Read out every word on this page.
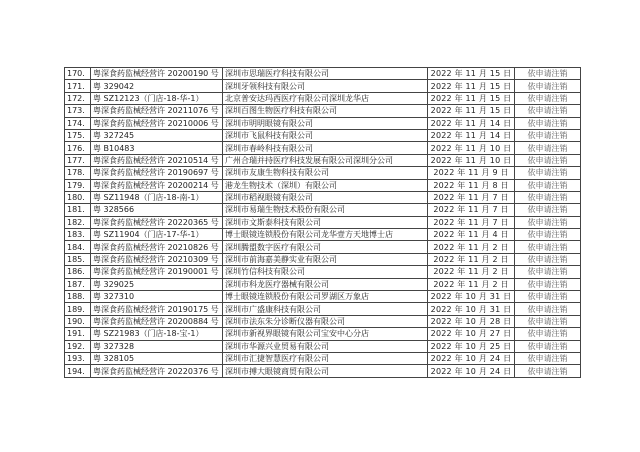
170.	粤深食药监械经营许 20200190 号	深圳市思瑞医疗科技有限公司	2022 年 11 月 15 日	依申请注销
171.	粤 329042	深圳牙领科技有限公司	2022 年 11 月 15 日	依申请注销
172.	粤 SZ12123（门店-18-华-1）	北京普安达玛西医疗有限公司深圳龙华店	2022 年 11 月 15 日	依申请注销
173.	粤深食药监械经营许 20211076 号	深圳百图生物医疗科技有限公司	2022 年 11 月 15 日	依申请注销
174.	粤深食药监械经营许 20210006 号	深圳市明明眼镜有限公司	2022 年 11 月 14 日	依申请注销
175.	粤 327245	深圳市飞鼠科技有限公司	2022 年 11 月 14 日	依申请注销
176.	粤 B10483	深圳市春岭科技有限公司	2022 年 11 月 10 日	依申请注销
177.	粤深食药监械经营许 20210514 号	广州合瑞并持医疗科技发展有限公司深圳分公司	2022 年 11 月 10 日	依申请注销
178.	粤深食药监械经营许 20190697 号	深圳市友康生物科技有限公司	2022 年 11 月 9 日	依申请注销
179.	粤深食药监械经营许 20200214 号	港龙生物技术（深圳）有限公司	2022 年 11 月 8 日	依申请注销
180.	粤 SZ11948（门店-18-南-1）	深圳市稻视眼镜有限公司	2022 年 11 月 7 日	依申请注销
181.	粤 328566	深圳市易瑞生物技术股份有限公司	2022 年 11 月 7 日	依申请注销
182.	粤深食药监械经营许 20220365 号	深圳市文斯泰科技有限公司	2022 年 11 月 7 日	依申请注销
183.	粤 SZ11904（门店-17-华-1）	博士眼镜连锁股份有限公司龙华壹方天地博士店	2022 年 11 月 4 日	依申请注销
184.	粤深食药监械经营许 20210826 号	深圳腾盟数字医疗有限公司	2022 年 11 月 2 日	依申请注销
185.	粤深食药监械经营许 20210309 号	深圳市前海嘉美静实业有限公司	2022 年 11 月 2 日	依申请注销
186.	粤深食药监械经营许 20190001 号	深圳竹信科技有限公司	2022 年 11 月 2 日	依申请注销
187.	粤 329025	深圳市科龙医疗器械有限公司	2022 年 11 月 2 日	依申请注销
188.	粤 327310	博士眼镜连锁股份有限公司罗湖区万象店	2022 年 10 月 31 日	依申请注销
189.	粤深食药监械经营许 20190175 号	深圳市广盛康科技有限公司	2022 年 10 月 31 日	依申请注销
190.	粤深食药监械经营许 20200884 号	深圳市法东朱分诊断仪器有限公司	2022 年 10 月 28 日	依申请注销
191.	粤 SZ21983（门店-18-宝-1）	深圳市新视界眼镜有限公司宝安中心分店	2022 年 10 月 27 日	依申请注销
192.	粤 327328	深圳市华源兴业贸易有限公司	2022 年 10 月 25 日	依申请注销
193.	粤 328105	深圳市汇捷智慧医疗有限公司	2022 年 10 月 24 日	依申请注销
194.	粤深食药监械经营许 20220376 号	深圳市搏大眼镜商贸有限公司	2022 年 10 月 24 日	依申请注销
